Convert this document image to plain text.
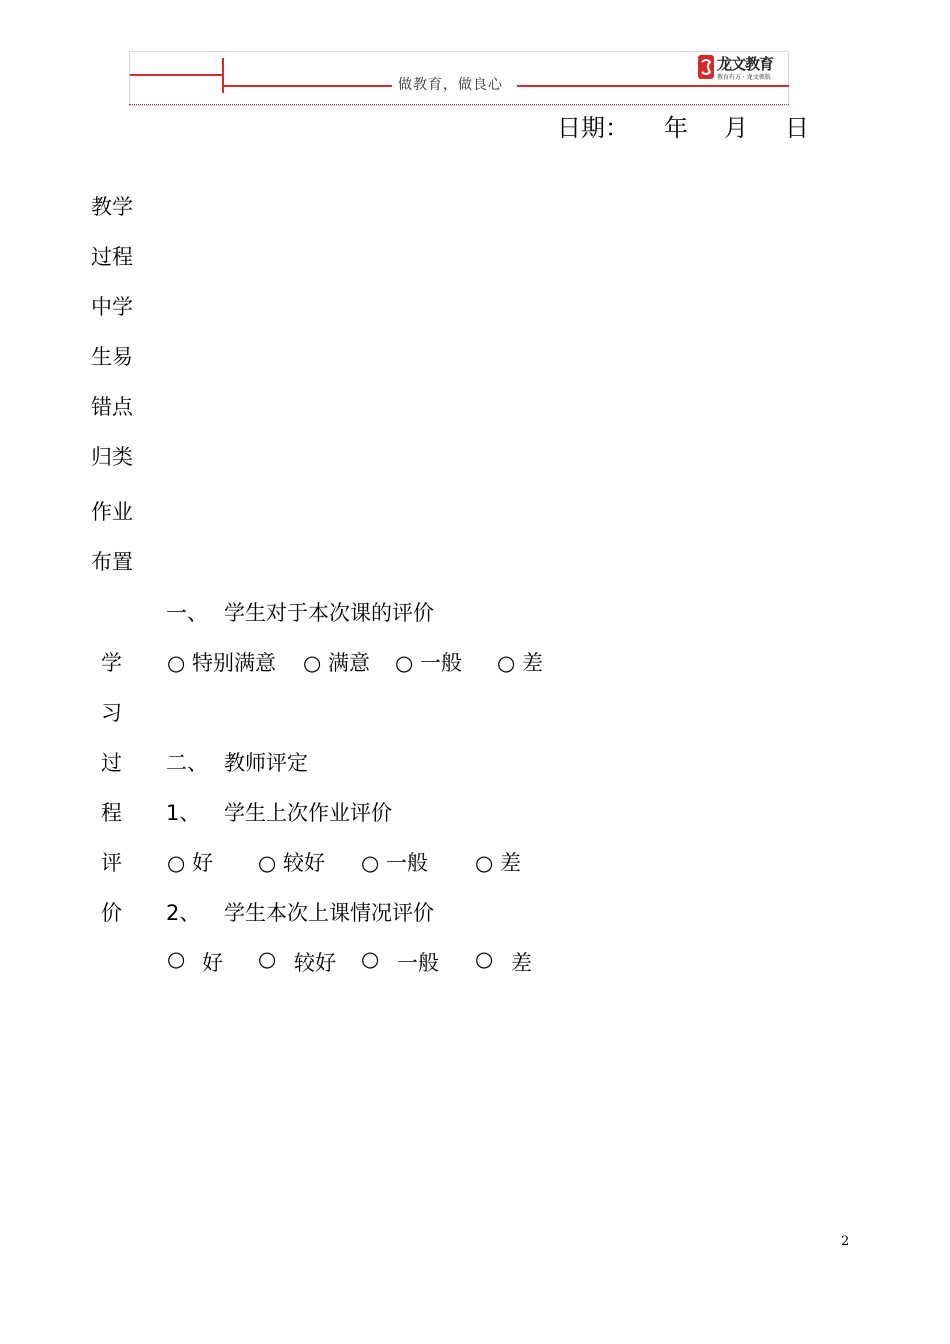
做教育，做良心
龙文教育
教育有方 · 龙文领航
日期： 年 月 日
教学
过程
中学
生易
错点
归类
作业
布置
学
习
过
程
评
价
一、 学生对于本次课的评价
○ 特别满意 ○ 满意 ○ 一般 ○ 差
二、 教师评定
1、 学生上次作业评价
○ 好 ○ 较好 ○ 一般 ○ 差
2、 学生本次上课情况评价
○ 好 ○ 较好 ○ 一般 ○ 差
2
